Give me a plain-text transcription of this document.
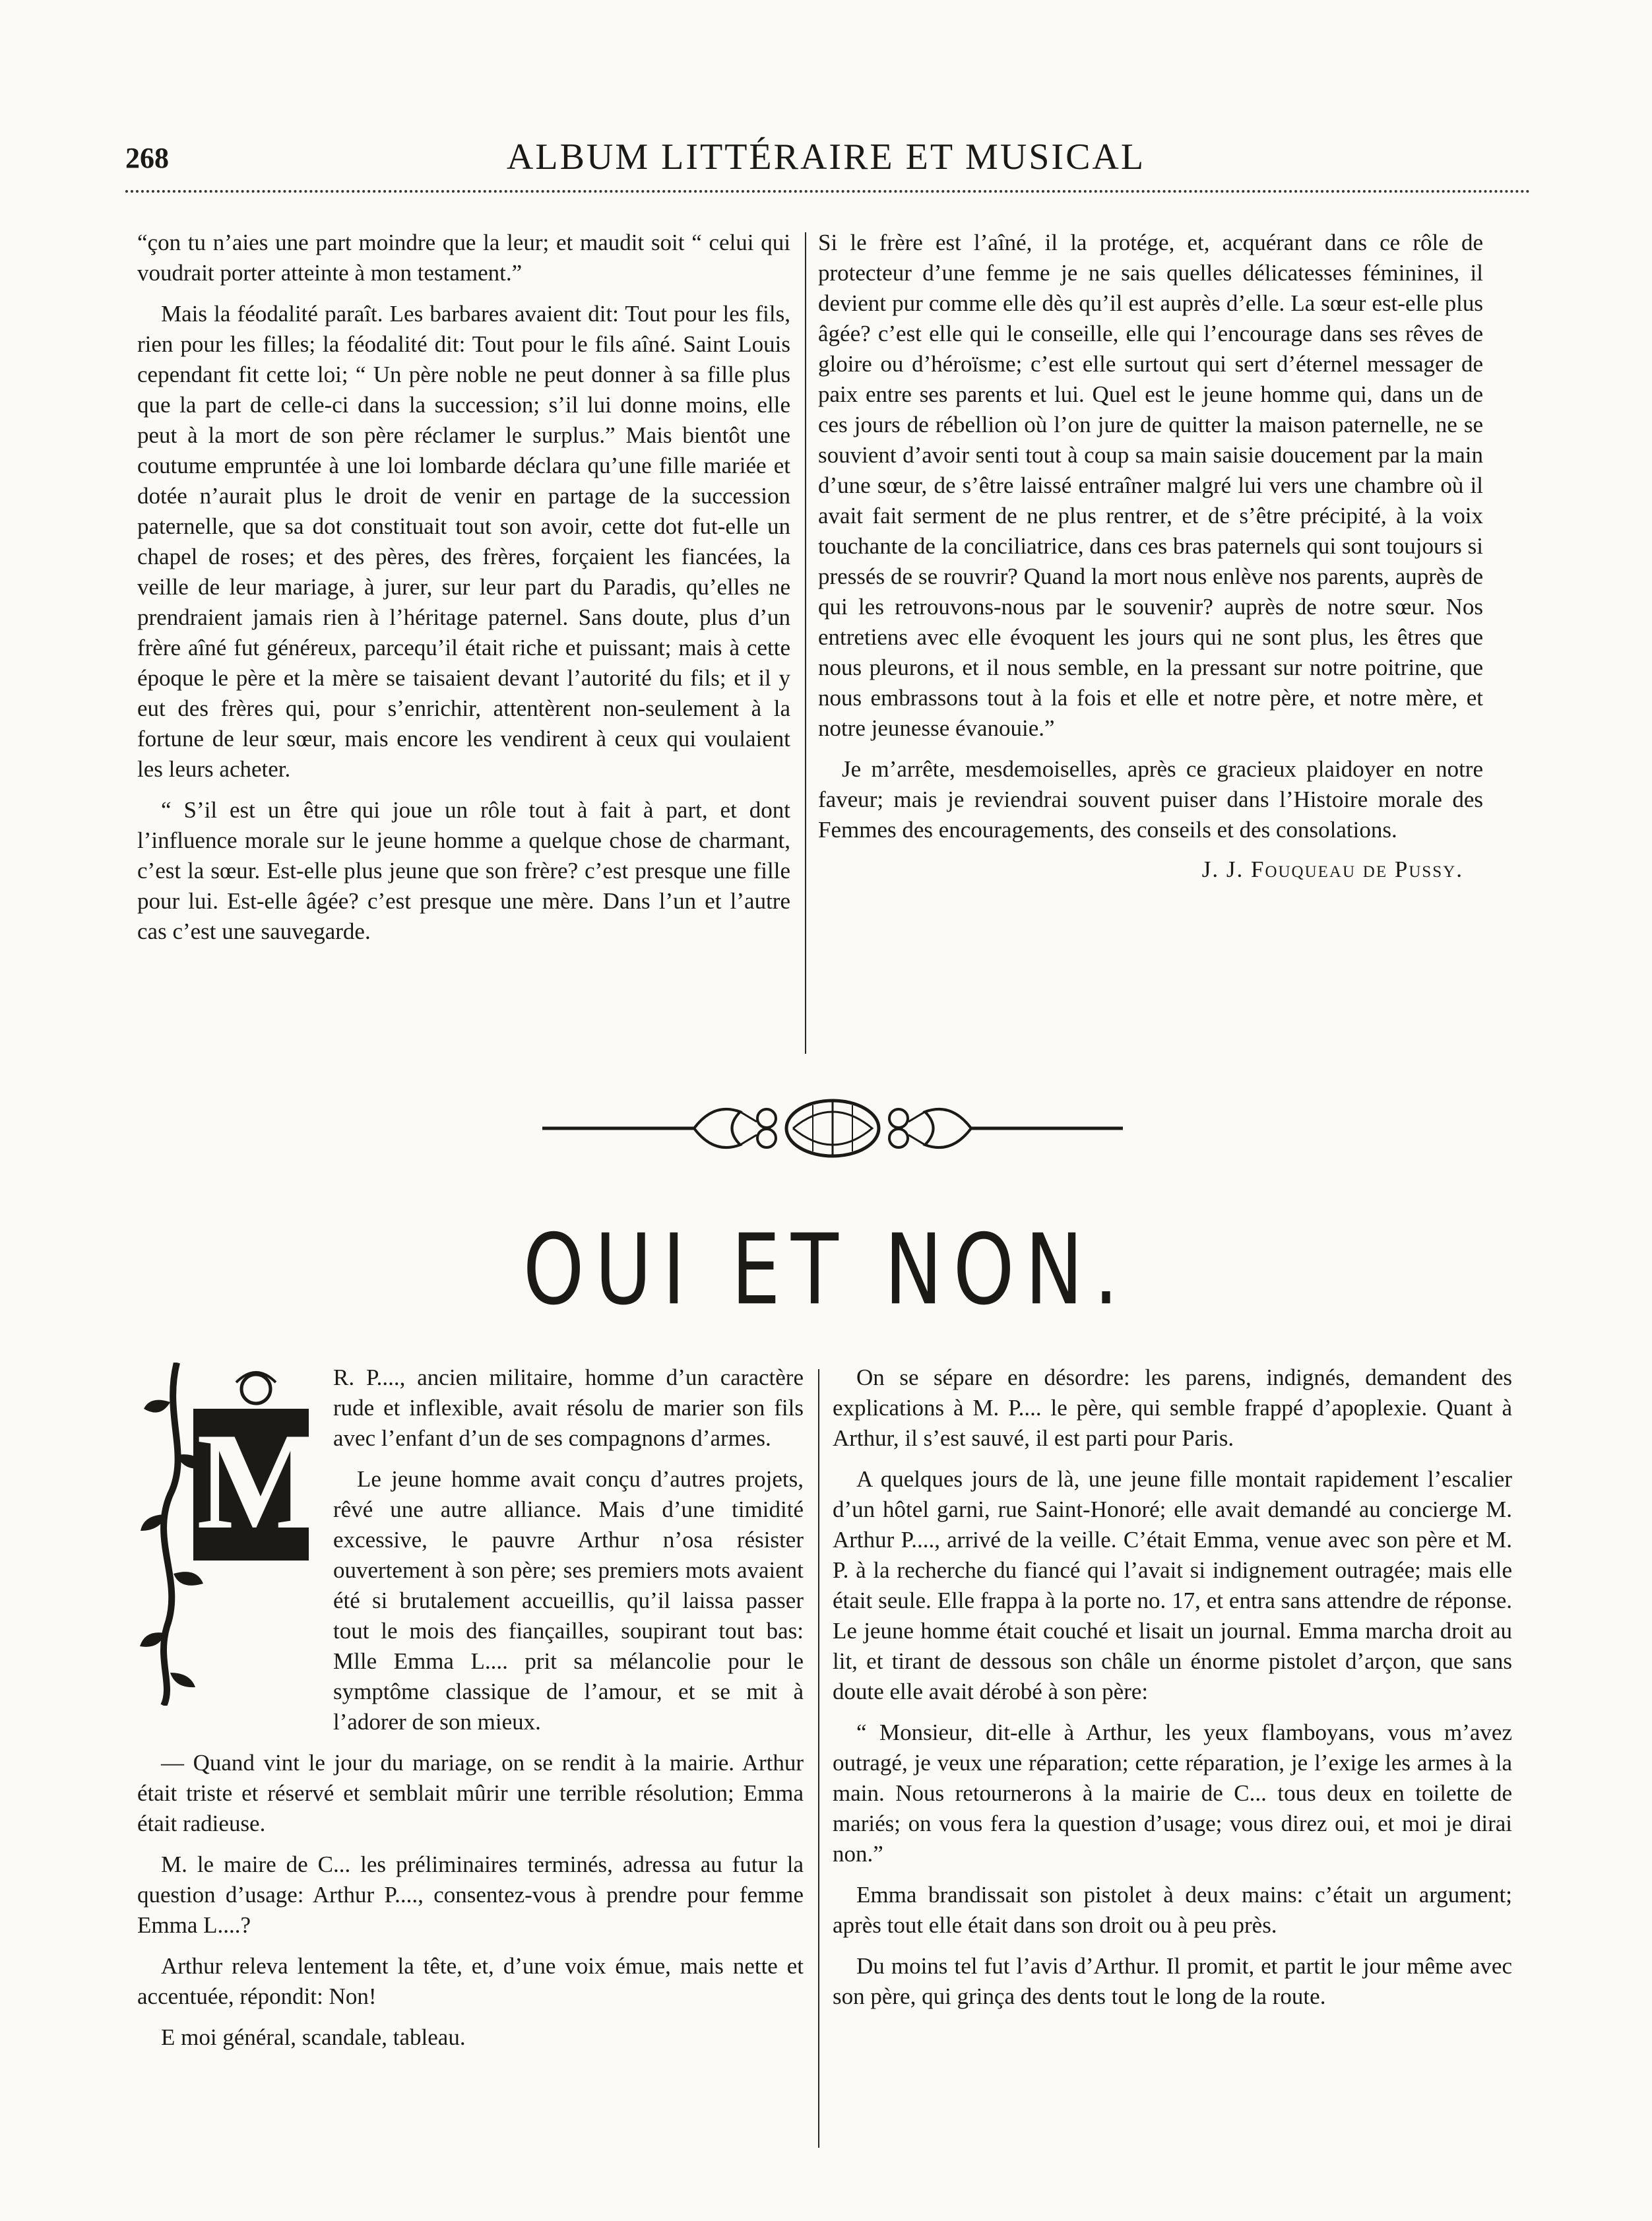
268	ALBUM LITTÉRAIRE ET MUSICAL

“çon tu n’aies une part moindre que la leur; et maudit soit “ celui qui voudrait porter atteinte à mon testament.”

Mais la féodalité paraît. Les barbares avaient dit: Tout pour les fils, rien pour les filles; la féodalité dit: Tout pour le fils aîné. Saint Louis cependant fit cette loi; “ Un père noble ne peut donner à sa fille plus que la part de celle-ci dans la succession; s’il lui donne moins, elle peut à la mort de son père réclamer le surplus.” Mais bientôt une coutume empruntée à une loi lombarde déclara qu’une fille mariée et dotée n’aurait plus le droit de venir en partage de la succession paternelle, que sa dot constituait tout son avoir, cette dot fut-elle un chapel de roses; et des pères, des frères, forçaient les fiancées, la veille de leur mariage, à jurer, sur leur part du Paradis, qu’elles ne prendraient jamais rien à l’héritage paternel. Sans doute, plus d’un frère aîné fut généreux, parcequ’il était riche et puissant; mais à cette époque le père et la mère se taisaient devant l’autorité du fils; et il y eut des frères qui, pour s’enrichir, attentèrent non-seulement à la fortune de leur sœur, mais encore les vendirent à ceux qui voulaient les leurs acheter.

“ S’il est un être qui joue un rôle tout à fait à part, et dont l’influence morale sur le jeune homme a quelque chose de charmant, c’est la sœur. Est-elle plus jeune que son frère? c’est presque une fille pour lui. Est-elle âgée? c’est presque une mère. Dans l’un et l’autre cas c’est une sauvegarde.

Si le frère est l’aîné, il la protége, et, acquérant dans ce rôle de protecteur d’une femme je ne sais quelles délicatesses féminines, il devient pur comme elle dès qu’il est auprès d’elle. La sœur est-elle plus âgée? c’est elle qui le conseille, elle qui l’encourage dans ses rêves de gloire ou d’héroïsme; c’est elle surtout qui sert d’éternel messager de paix entre ses parents et lui. Quel est le jeune homme qui, dans un de ces jours de rébellion où l’on jure de quitter la maison paternelle, ne se souvient d’avoir senti tout à coup sa main saisie doucement par la main d’une sœur, de s’être laissé entraîner malgré lui vers une chambre où il avait fait serment de ne plus rentrer, et de s’être précipité, à la voix touchante de la conciliatrice, dans ces bras paternels qui sont toujours si pressés de se rouvrir? Quand la mort nous enlève nos parents, auprès de qui les retrouvons-nous par le souvenir? auprès de notre sœur. Nos entretiens avec elle évoquent les jours qui ne sont plus, les êtres que nous pleurons, et il nous semble, en la pressant sur notre poitrine, que nous embrassons tout à la fois et elle et notre père, et notre mère, et notre jeunesse évanouie.”

Je m’arrête, mesdemoiselles, après ce gracieux plaidoyer en notre faveur; mais je reviendrai souvent puiser dans l’Histoire morale des Femmes des encouragements, des conseils et des consolations.

J. J. Fouqueau de Pussy.
OUI ET NON.
M

R. P...., ancien militaire, homme d’un caractère rude et inflexible, avait résolu de marier son fils avec l’enfant d’un de ses compagnons d’armes.

Le jeune homme avait conçu d’autres projets, rêvé une autre alliance. Mais d’une timidité excessive, le pauvre Arthur n’osa résister ouvertement à son père; ses premiers mots avaient été si brutalement accueillis, qu’il laissa passer tout le mois des fiançailles, soupirant tout bas: Mlle Emma L.... prit sa mélancolie pour le symptôme classique de l’amour, et se mit à l’adorer de son mieux.

— Quand vint le jour du mariage, on se rendit à la mairie. Arthur était triste et réservé et semblait mûrir une terrible résolution; Emma était radieuse.

M. le maire de C... les préliminaires terminés, adressa au futur la question d’usage: Arthur P...., consentez-vous à prendre pour femme Emma L....?

Arthur releva lentement la tête, et, d’une voix émue, mais nette et accentuée, répondit: Non!

E moi général, scandale, tableau.

On se sépare en désordre: les parens, indignés, demandent des explications à M. P.... le père, qui semble frappé d’apoplexie. Quant à Arthur, il s’est sauvé, il est parti pour Paris.

A quelques jours de là, une jeune fille montait rapidement l’escalier d’un hôtel garni, rue Saint-Honoré; elle avait demandé au concierge M. Arthur P...., arrivé de la veille. C’était Emma, venue avec son père et M. P. à la recherche du fiancé qui l’avait si indignement outragée; mais elle était seule. Elle frappa à la porte no. 17, et entra sans attendre de réponse. Le jeune homme était couché et lisait un journal. Emma marcha droit au lit, et tirant de dessous son châle un énorme pistolet d’arçon, que sans doute elle avait dérobé à son père:

“ Monsieur, dit-elle à Arthur, les yeux flamboyans, vous m’avez outragé, je veux une réparation; cette réparation, je l’exige les armes à la main. Nous retournerons à la mairie de C... tous deux en toilette de mariés; on vous fera la question d’usage; vous direz oui, et moi je dirai non.”

Emma brandissait son pistolet à deux mains: c’était un argument; après tout elle était dans son droit ou à peu près.

Du moins tel fut l’avis d’Arthur. Il promit, et partit le jour même avec son père, qui grinça des dents tout le long de la route.
